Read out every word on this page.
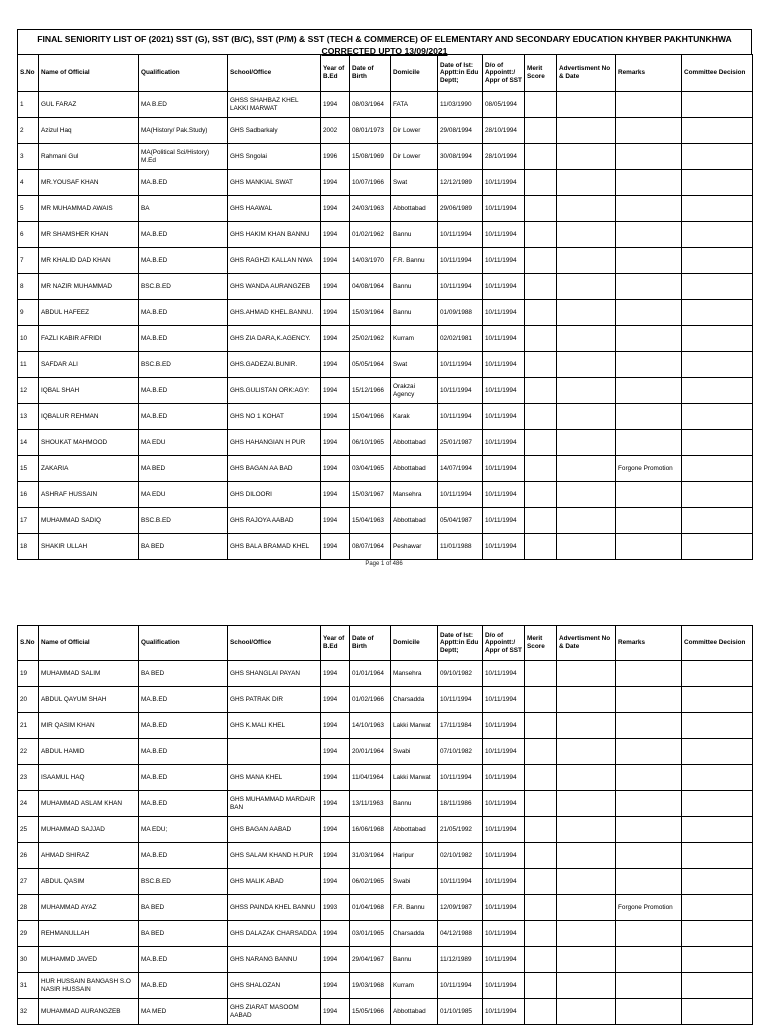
FINAL SENIORITY LIST OF (2021) SST (G), SST (B/C), SST (P/M) & SST (TECH & COMMERCE) OF ELEMENTARY AND SECONDARY EDUCATION KHYBER PAKHTUNKHWA
CORRECTED UPTO 13/09/2021
S.No	Name of Official	Qualification	School/Office	Year of B.Ed	Date of Birth	Domicile	Date of Ist: Apptt:in Edu Deptt;	D/o of Appointt:/ Appr of SST	Merit Score	Advertisment No & Date	Remarks	Committee Decision
1	GUL FARAZ	MA B.ED	GHSS SHAHBAZ KHEL LAKKI MARWAT	1994	08/03/1964	FATA	11/03/1990	08/05/1994				
2	Azizul Haq	MA(History/ Pak.Study)	GHS Sadbarkaly	2002	08/01/1973	Dir Lower	29/08/1994	28/10/1994				
3	Rahmani Gul	MA(Political Sci/History) M.Ed	GHS Sngolai	1996	15/08/1969	Dir Lower	30/08/1994	28/10/1994				
4	MR.YOUSAF KHAN	MA.B.ED	GHS MANKIAL SWAT	1994	10/07/1966	Swat	12/12/1989	10/11/1994				
5	MR MUHAMMAD AWAIS	BA	GHS HAAWAL	1994	24/03/1963	Abbottabad	29/06/1989	10/11/1994				
6	MR SHAMSHER KHAN	MA.B.ED	GHS HAKIM KHAN BANNU	1994	01/02/1962	Bannu	10/11/1994	10/11/1994				
7	MR KHALID DAD KHAN	MA.B.ED	GHS RAGHZI KALLAN NWA	1994	14/03/1970	F.R. Bannu	10/11/1994	10/11/1994				
8	MR NAZIR MUHAMMAD	BSC.B.ED	GHS WANDA AURANGZEB	1994	04/08/1964	Bannu	10/11/1994	10/11/1994				
9	ABDUL HAFEEZ	MA.B.ED	GHS.AHMAD KHEL.BANNU.	1994	15/03/1964	Bannu	01/09/1988	10/11/1994				
10	FAZLI KABIR AFRIDI	MA.B.ED	GHS ZIA DARA,K.AGENCY.	1994	25/02/1962	Kurram	02/02/1981	10/11/1994				
11	SAFDAR ALI	BSC.B.ED	GHS.GADEZAI.BUNIR.	1994	05/05/1964	Swat	10/11/1994	10/11/1994				
12	IQBAL SHAH	MA.B.ED	GHS.GULISTAN ORK:AGY:	1994	15/12/1966	Orakzai Agency	10/11/1994	10/11/1994				
13	IQBALUR REHMAN	MA.B.ED	GHS NO 1 KOHAT	1994	15/04/1966	Karak	10/11/1994	10/11/1994				
14	SHOUKAT MAHMOOD	MA EDU	GHS HAHANGIAN H PUR	1994	06/10/1965	Abbottabad	25/01/1987	10/11/1994				
15	ZAKARIA	MA BED	GHS BAGAN AA BAD	1994	03/04/1965	Abbottabad	14/07/1994	10/11/1994			Forgone Promotion	
16	ASHRAF HUSSAIN	MA EDU	GHS DILOORI	1994	15/03/1967	Mansehra	10/11/1994	10/11/1994				
17	MUHAMMAD SADIQ	BSC.B.ED	GHS RAJOYA AABAD	1994	15/04/1963	Abbottabad	05/04/1987	10/11/1994				
18	SHAKIR ULLAH	BA BED	GHS BALA BRAMAD KHEL	1994	08/07/1964	Peshawar	11/01/1988	10/11/1994				
Page 1 of 486
S.No	Name of Official	Qualification	School/Office	Year of B.Ed	Date of Birth	Domicile	Date of Ist: Apptt:in Edu Deptt;	D/o of Appointt:/ Appr of SST	Merit Score	Advertisment No & Date	Remarks	Committee Decision
19	MUHAMMAD SALIM	BA BED	GHS SHANGLAI PAYAN	1994	01/01/1964	Mansehra	09/10/1982	10/11/1994				
20	ABDUL QAYUM SHAH	MA.B.ED	GHS PATRAK DIR	1994	01/02/1966	Charsadda	10/11/1994	10/11/1994				
21	MIR QASIM KHAN	MA.B.ED	GHS K.MALI KHEL	1994	14/10/1963	Lakki Marwat	17/11/1984	10/11/1994				
22	ABDUL HAMID	MA.B.ED		1994	20/01/1964	Swabi	07/10/1982	10/11/1994				
23	ISAAMUL HAQ	MA.B.ED	GHS MANA KHEL	1994	11/04/1964	Lakki Marwat	10/11/1994	10/11/1994				
24	MUHAMMAD ASLAM KHAN	MA.B.ED	GHS MUHAMMAD MARDAIR BAN	1994	13/11/1963	Bannu	18/11/1986	10/11/1994				
25	MUHAMMAD SAJJAD	MA EDU;	GHS BAGAN AABAD	1994	16/06/1968	Abbottabad	21/05/1992	10/11/1994				
26	AHMAD SHIRAZ	MA.B.ED	GHS SALAM KHAND H.PUR	1994	31/03/1964	Haripur	02/10/1982	10/11/1994				
27	ABDUL QASIM	BSC.B.ED	GHS MALIK ABAD	1994	06/02/1965	Swabi	10/11/1994	10/11/1994				
28	MUHAMMAD AYAZ	BA BED	GHSS PAINDA KHEL BANNU	1993	01/04/1968	F.R. Bannu	12/09/1987	10/11/1994			Forgone Promotion	
29	REHMANULLAH	BA BED	GHS DALAZAK CHARSADDA	1994	03/01/1965	Charsadda	04/12/1988	10/11/1994				
30	MUHAMMD JAVED	MA.B.ED	GHS NARANG BANNU	1994	29/04/1967	Bannu	11/12/1989	10/11/1994				
31	HUR HUSSAIN BANGASH S.O NASIR HUSSAIN	MA.B.ED	GHS SHALOZAN	1994	19/03/1968	Kurram	10/11/1994	10/11/1994				
32	MUHAMMAD AURANGZEB	MA MED	GHS ZIARAT MASOOM AABAD	1994	15/05/1966	Abbottabad	01/10/1985	10/11/1994				
